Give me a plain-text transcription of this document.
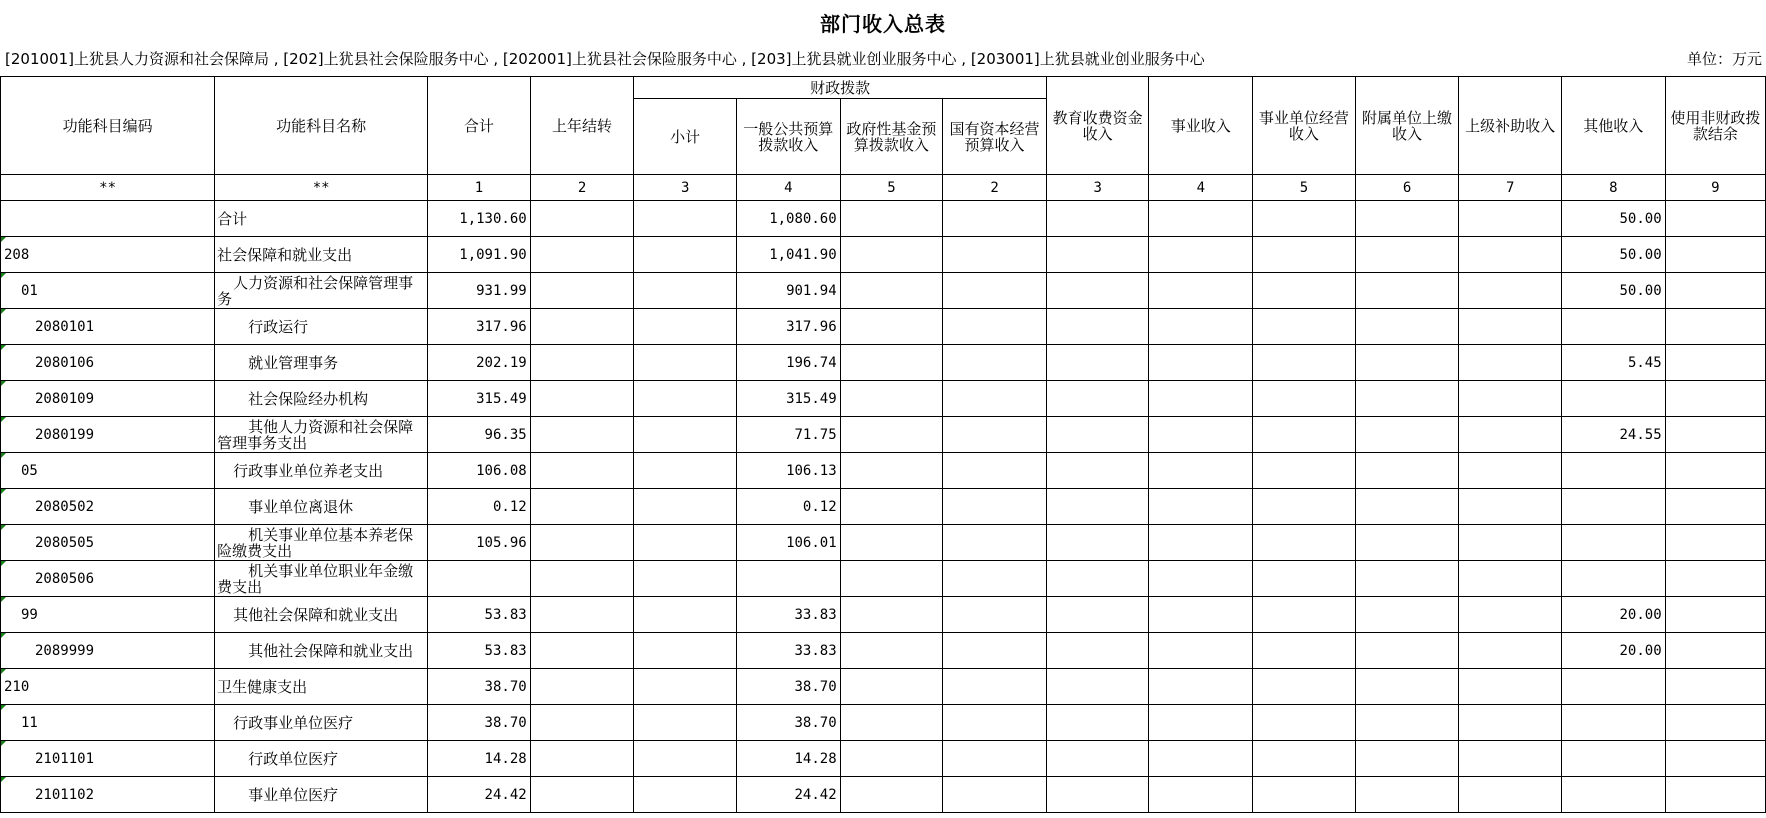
部门收入总表
[201001]上犹县人力资源和社会保障局 , [202]上犹县社会保险服务中心 , [202001]上犹县社会保险服务中心 , [203]上犹县就业创业服务中心 , [203001]上犹县就业创业服务中心	单位：万元
功能科目编码	功能科目名称	合计	上年结转	财政拨款				教育收费资金收入	事业收入	事业单位经营收入	附属单位上缴收入	上级补助收入	其他收入	使用非财政拨款结余
				小计	一般公共预算拨款收入	政府性基金预算拨款收入	国有资本经营预算收入							
**	**	1	2	3	4	5	2	3	4	5	6	7	8	9
	合计	1,130.60			1,080.60								50.00	
208	社会保障和就业支出	1,091.90			1,041.90								50.00	
01	人力资源和社会保障管理事务	931.99			901.94								50.00	
2080101	行政运行	317.96			317.96									
2080106	就业管理事务	202.19			196.74								5.45	
2080109	社会保险经办机构	315.49			315.49									
2080199	其他人力资源和社会保障管理事务支出	96.35			71.75								24.55	
05	行政事业单位养老支出	106.08			106.13									
2080502	事业单位离退休	0.12			0.12									
2080505	机关事业单位基本养老保险缴费支出	105.96			106.01									
2080506	机关事业单位职业年金缴费支出													
99	其他社会保障和就业支出	53.83			33.83								20.00	
2089999	其他社会保障和就业支出	53.83			33.83								20.00	
210	卫生健康支出	38.70			38.70									
11	行政事业单位医疗	38.70			38.70									
2101101	行政单位医疗	14.28			14.28									
2101102	事业单位医疗	24.42			24.42									
